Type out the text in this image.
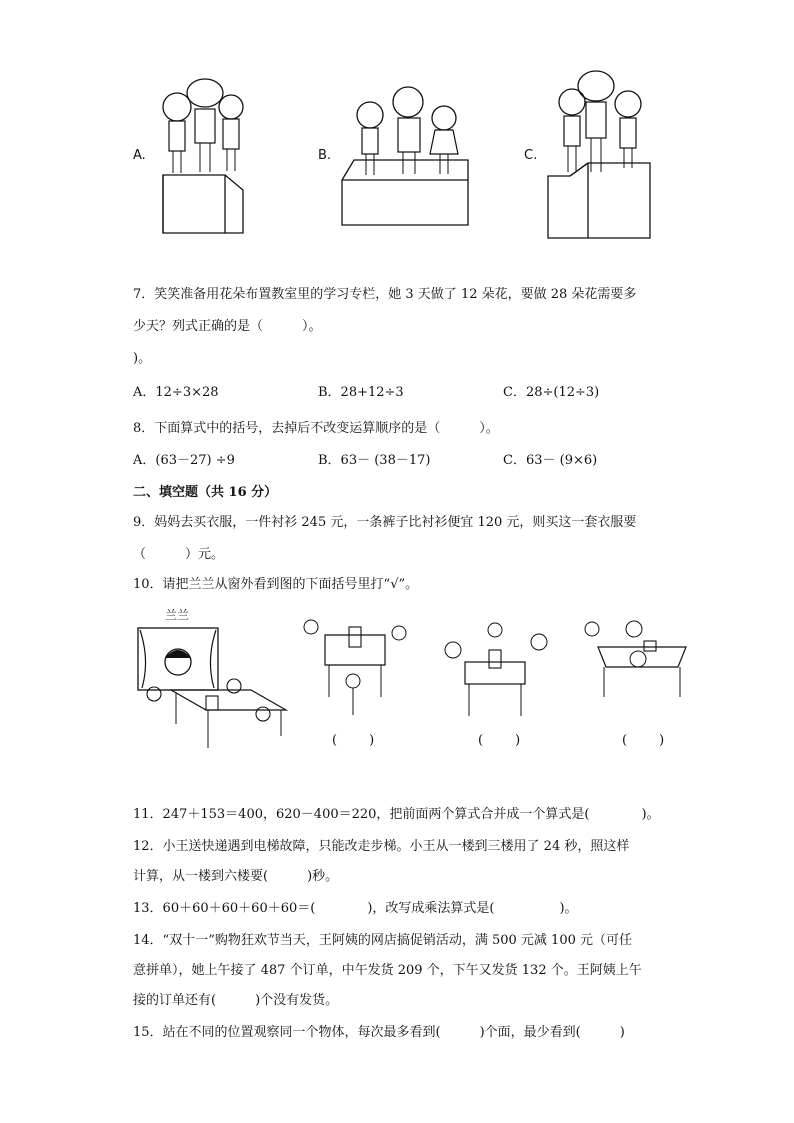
A.	B.	C.
7．笑笑准备用花朵布置教室里的学习专栏，她 3 天做了 12 朵花，要做 28 朵花需要多
少天？列式正确的是（　　　）。
)。
A．12÷3×28	B．28+12÷3	C．28÷(12÷3)
8．下面算式中的括号，去掉后不改变运算顺序的是（　　　）。
A．(63－27) ÷9	B．63－ (38－17)	C．63－ (9×6)
二、填空题（共 16 分）
9．妈妈去买衣服，一件衬衫 245 元，一条裤子比衬衫便宜 120 元，则买这一套衣服要
（　　　）元。
10．请把兰兰从窗外看到图的下面括号里打“√”。
兰兰
(　　)	(　　)	(　　)
11．247＋153＝400，620－400＝220，把前面两个算式合并成一个算式是(　　　　)。
12．小王送快递遇到电梯故障，只能改走步梯。小王从一楼到三楼用了 24 秒，照这样
计算，从一楼到六楼要(　　　)秒。
13．60＋60＋60＋60＋60＝(　　　　)，改写成乘法算式是(　　　　　)。
14．“双十一”购物狂欢节当天，王阿姨的网店搞促销活动，满 500 元减 100 元（可任
意拼单），她上午接了 487 个订单，中午发货 209 个，下午又发货 132 个。王阿姨上午
接的订单还有(　　　)个没有发货。
15．站在不同的位置观察同一个物体，每次最多看到(　　　)个面，最少看到(　　　)
